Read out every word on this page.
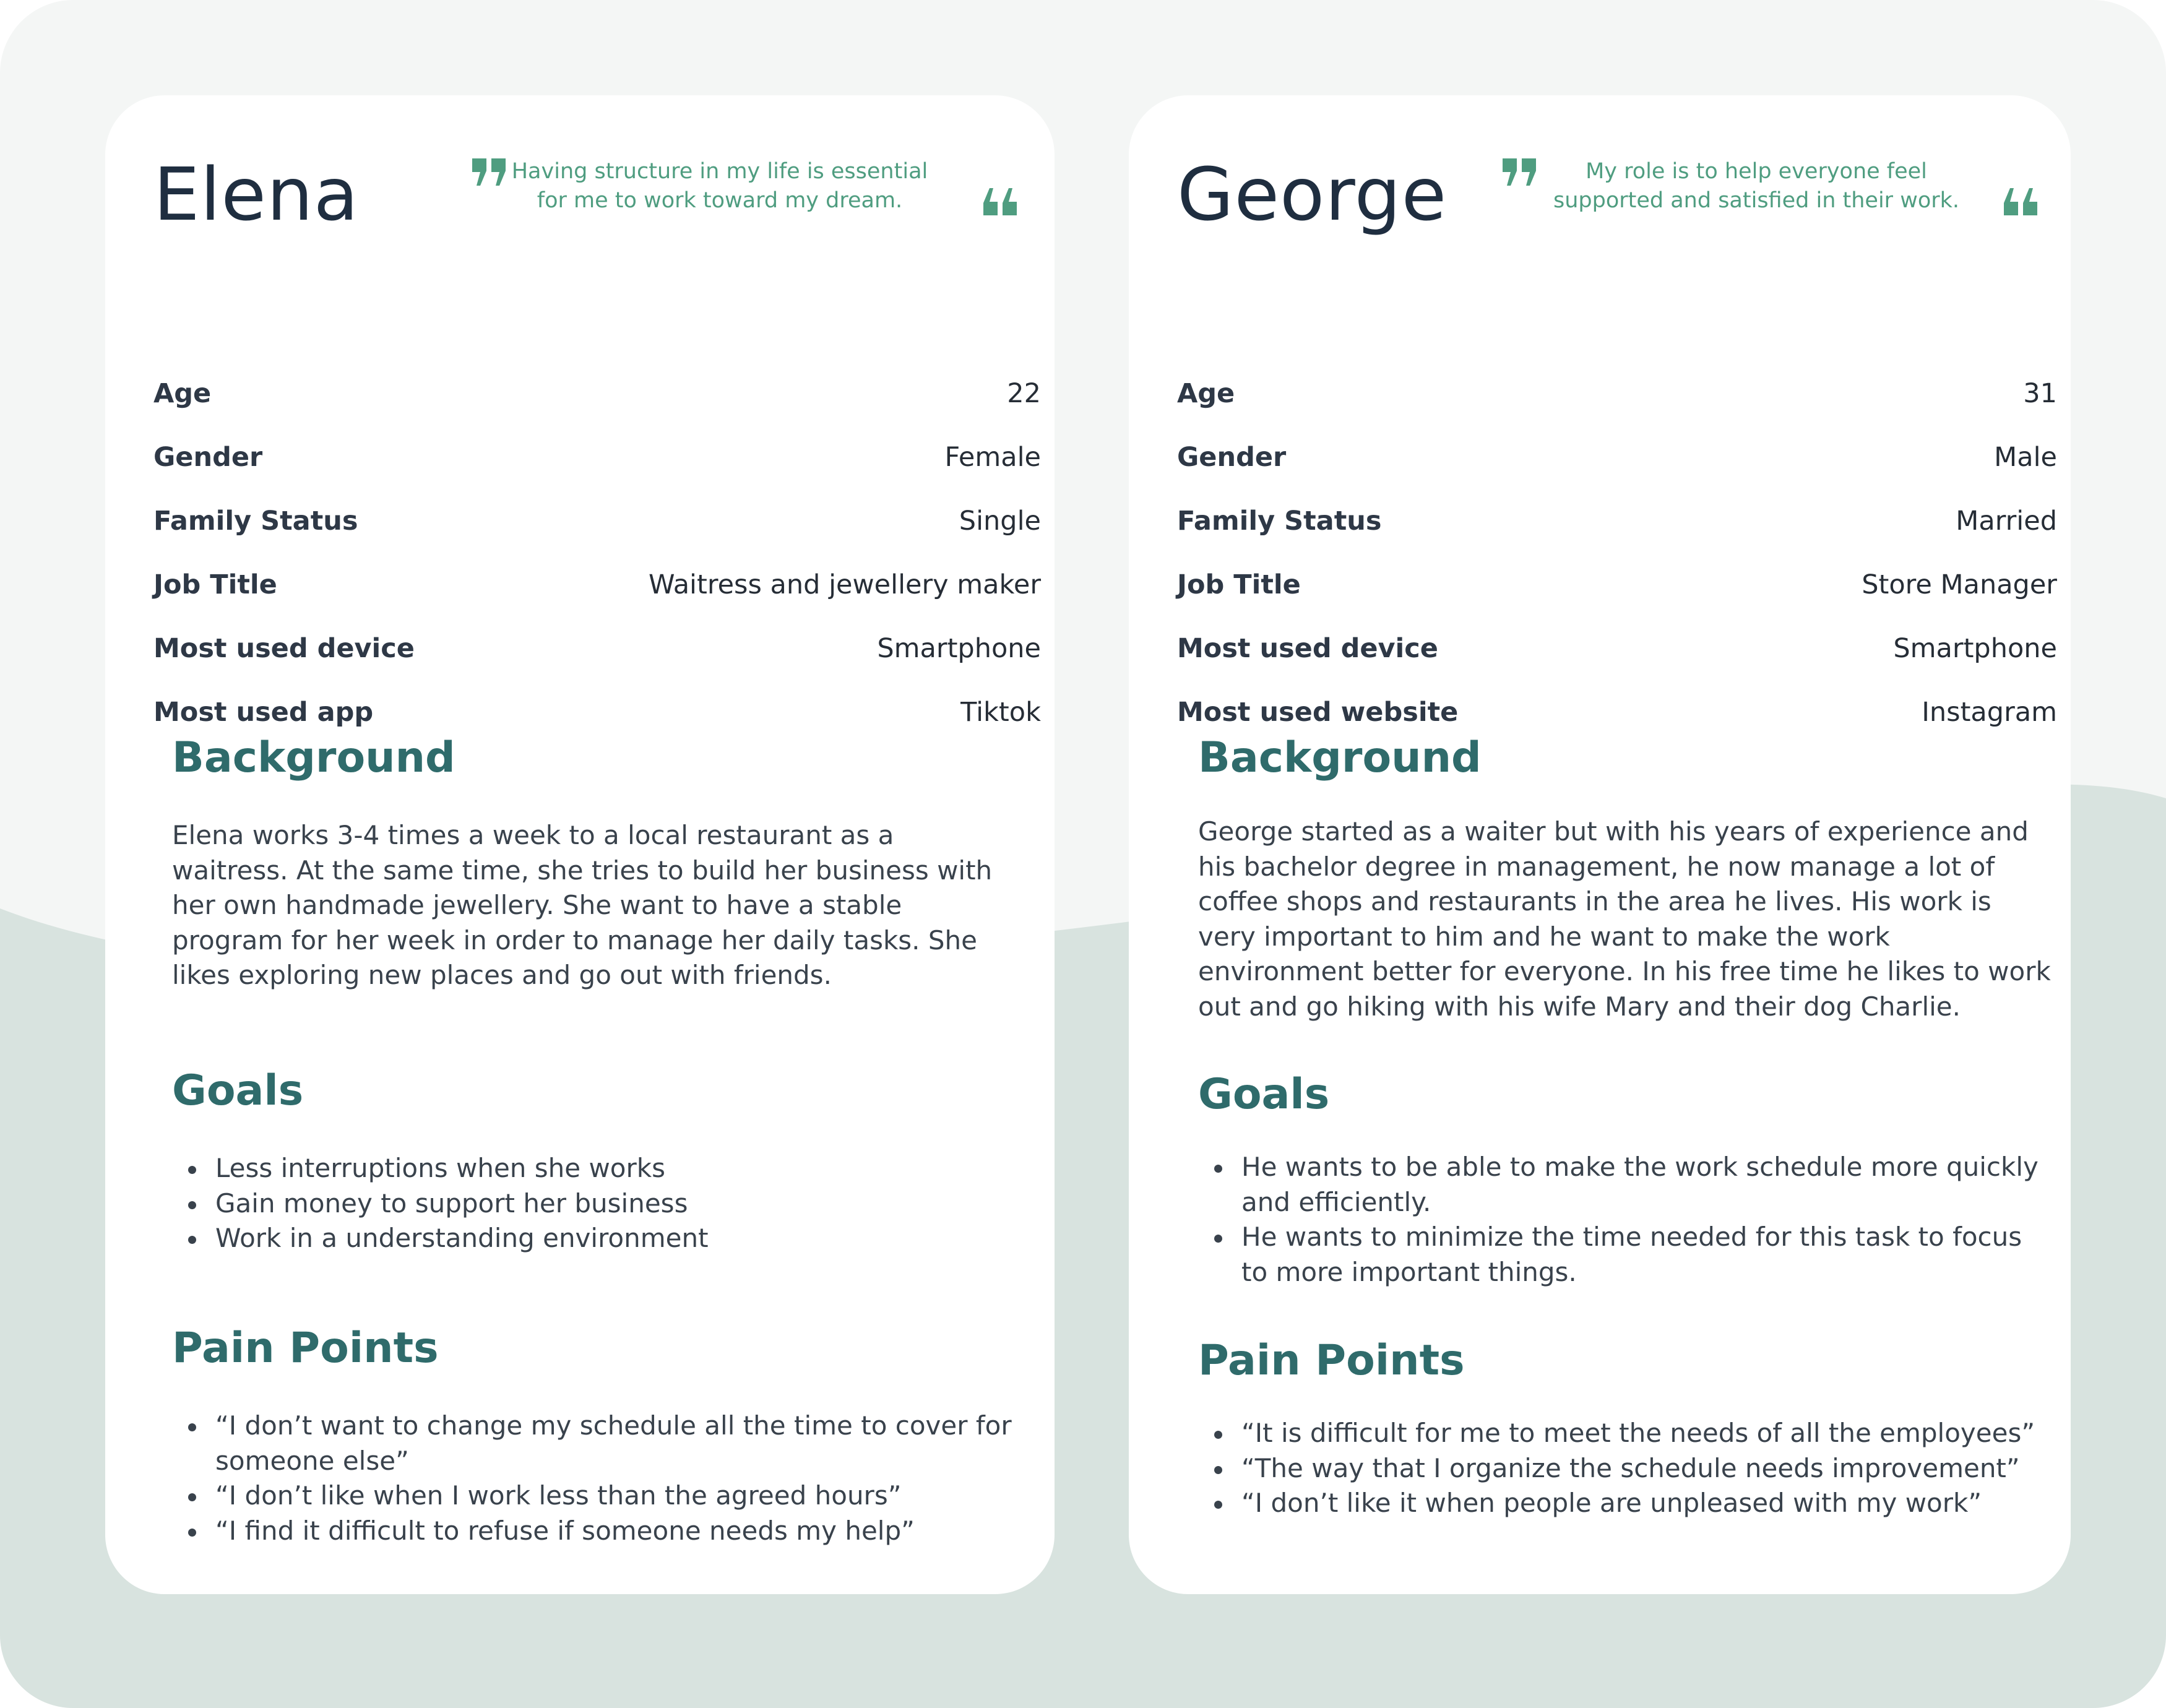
Elena	Having structure in my life is essential
for me to work toward my dream.
Age	22
Gender	Female
Family Status	Single
Job Title	Waitress and jewellery maker
Most used device	Smartphone
Most used app	Tiktok
Background
Elena works 3-4 times a week to a local restaurant as a
waitress. At the same time, she tries to build her business with
her own handmade jewellery. She want to have a stable
program for her week in order to manage her daily tasks. She
likes exploring new places and go out with friends.
Goals
Less interruptions when she works
Gain money to support her business
Work in a understanding environment
Pain Points
“I don’t want to change my schedule all the time to cover for
someone else”
“I don’t like when I work less than the agreed hours”
“I find it difficult to refuse if someone needs my help”
George	My role is to help everyone feel
supported and satisfied in their work.
Age	31
Gender	Male
Family Status	Married
Job Title	Store Manager
Most used device	Smartphone
Most used website	Instagram
Background
George started as a waiter but with his years of experience and
his bachelor degree in management, he now manage a lot of
coffee shops and restaurants in the area he lives. His work is
very important to him and he want to make the work
environment better for everyone. In his free time he likes to work
out and go hiking with his wife Mary and their dog Charlie.
Goals
He wants to be able to make the work schedule more quickly
and efficiently.
He wants to minimize the time needed for this task to focus
to more important things.
Pain Points
“It is difficult for me to meet the needs of all the employees”
“The way that I organize the schedule needs improvement”
“I don’t like it when people are unpleased with my work”
